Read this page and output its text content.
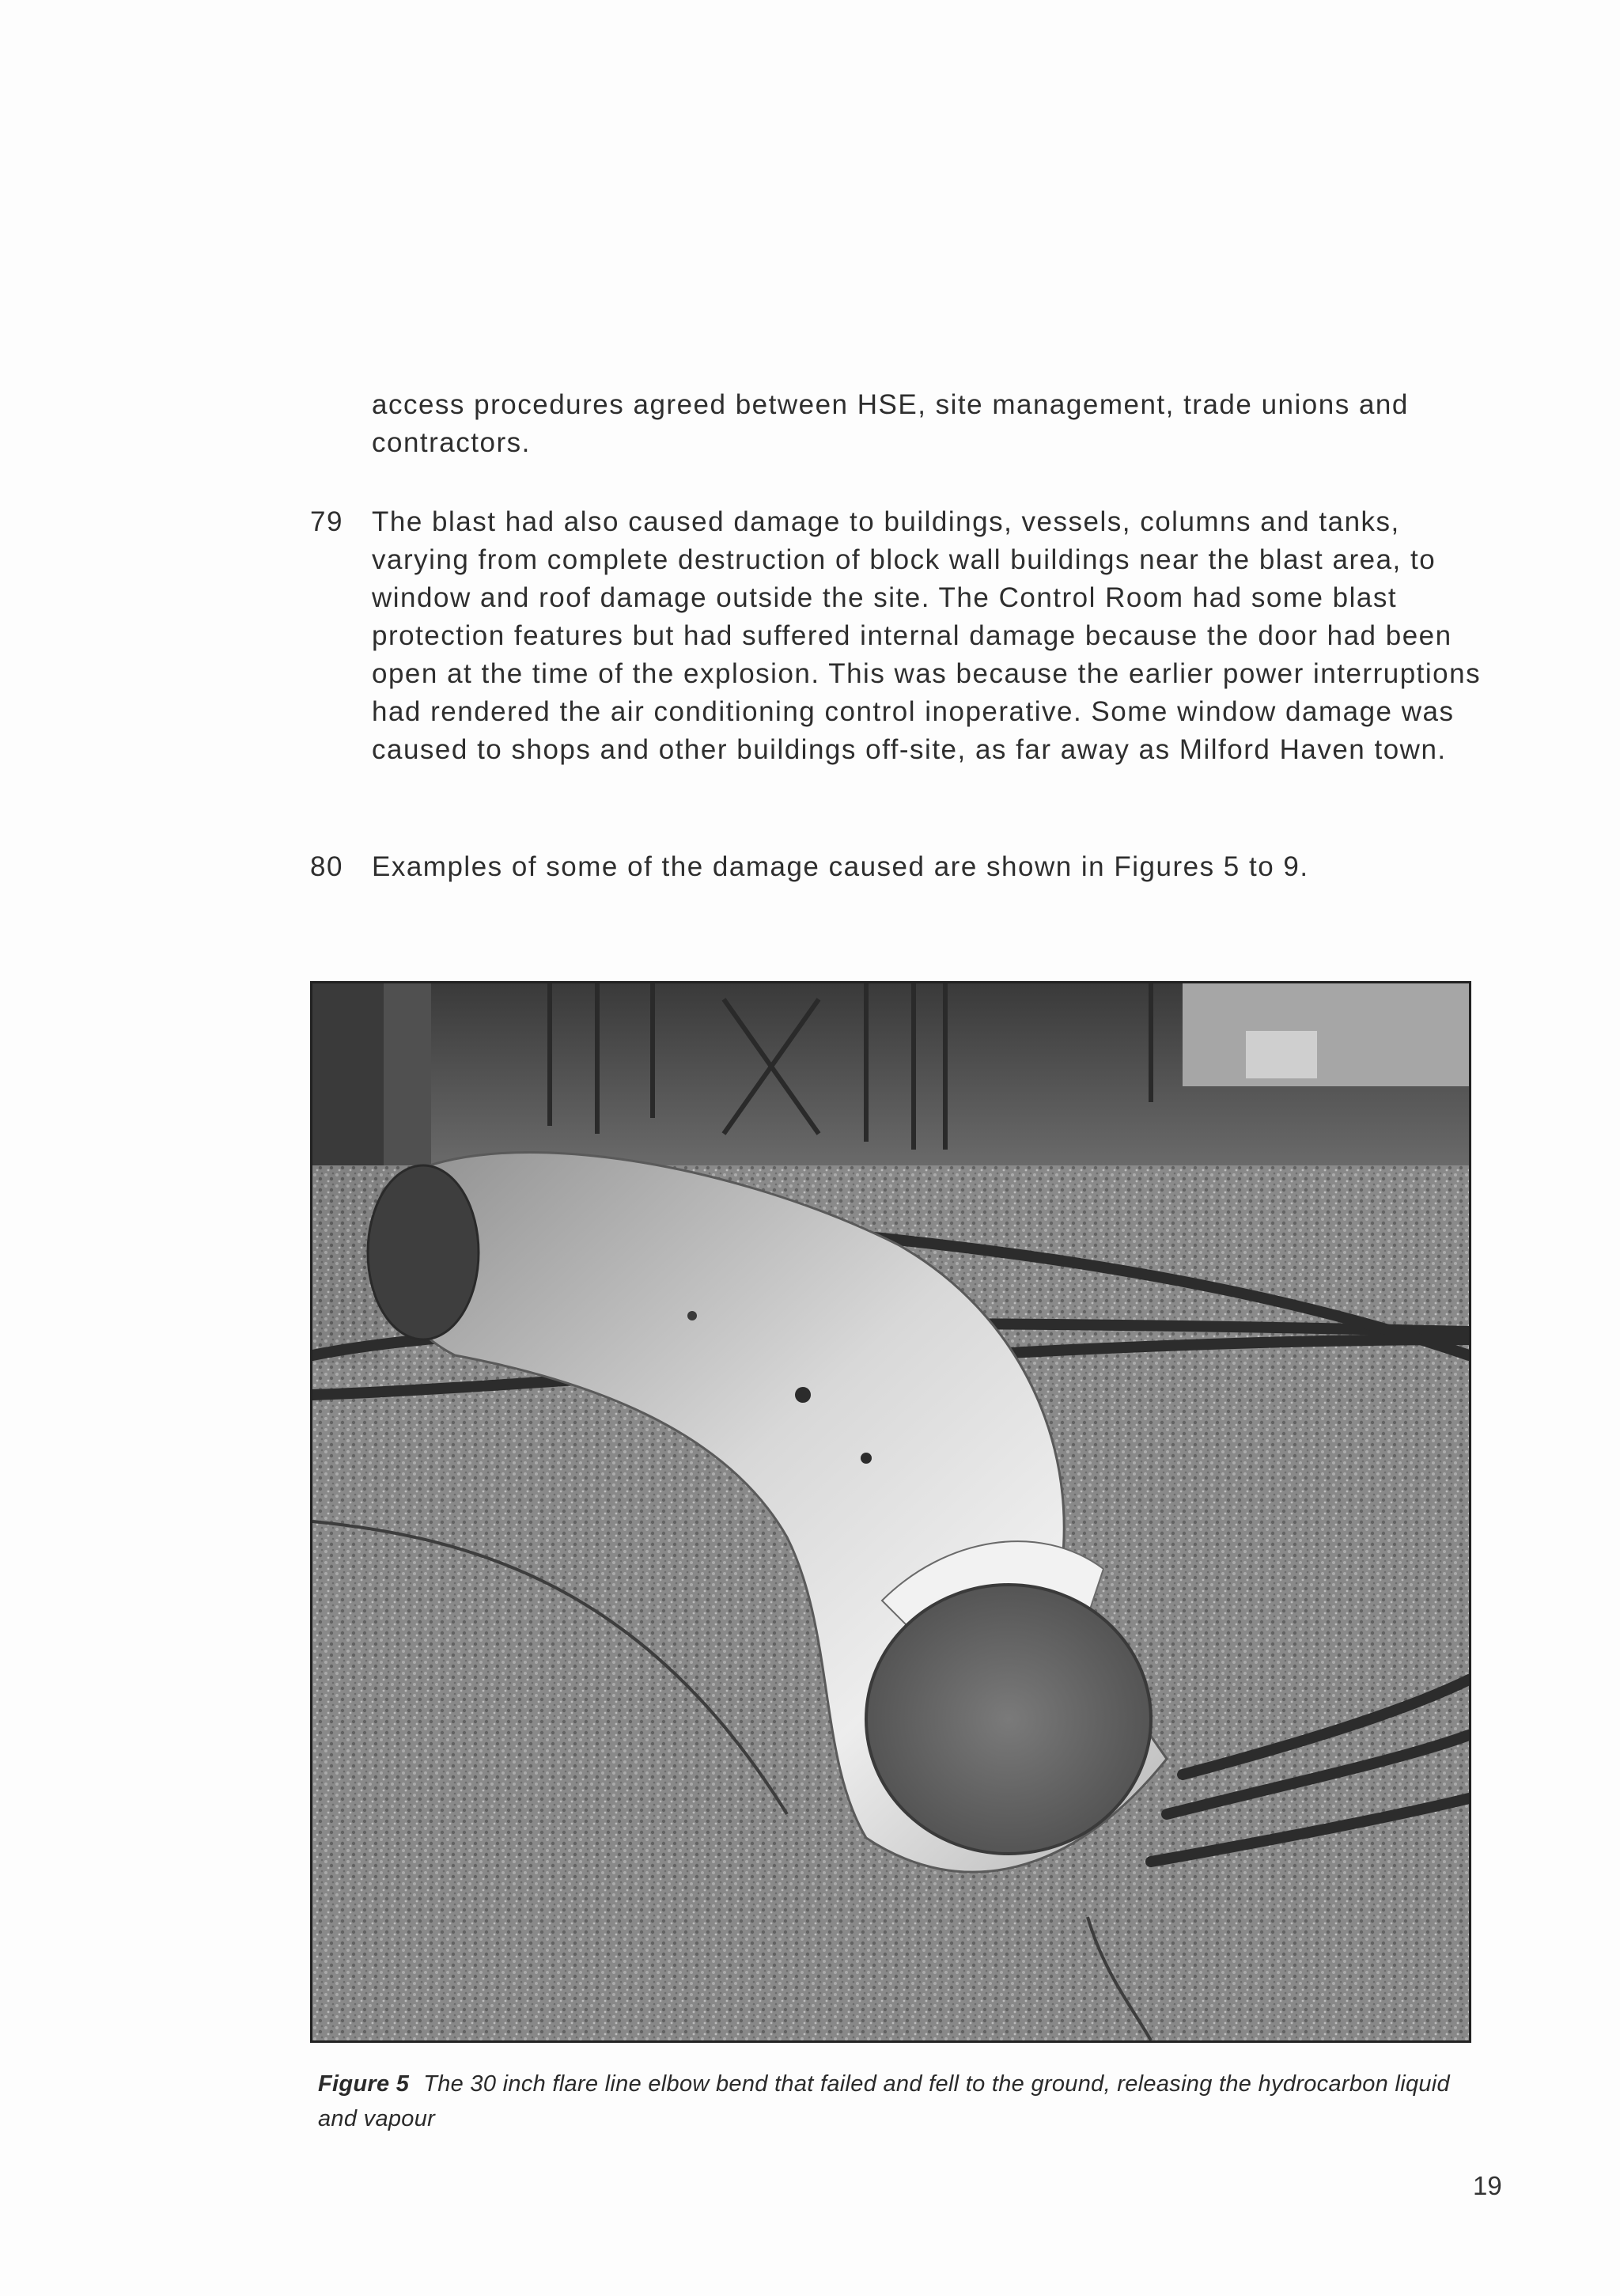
access procedures agreed between HSE, site management, trade unions and contractors.
79	The blast had also caused damage to buildings, vessels, columns and tanks, varying from complete destruction of block wall buildings near the blast area, to window and roof damage outside the site. The Control Room had some blast protection features but had suffered internal damage because the door had been open at the time of the explosion. This was because the earlier power interruptions had rendered the air conditioning control inoperative. Some window damage was caused to shops and other buildings off-site, as far away as Milford Haven town.
80	Examples of some of the damage caused are shown in Figures 5 to 9.
Figure 5 The 30 inch flare line elbow bend that failed and fell to the ground, releasing the hydrocarbon liquid and vapour
19
